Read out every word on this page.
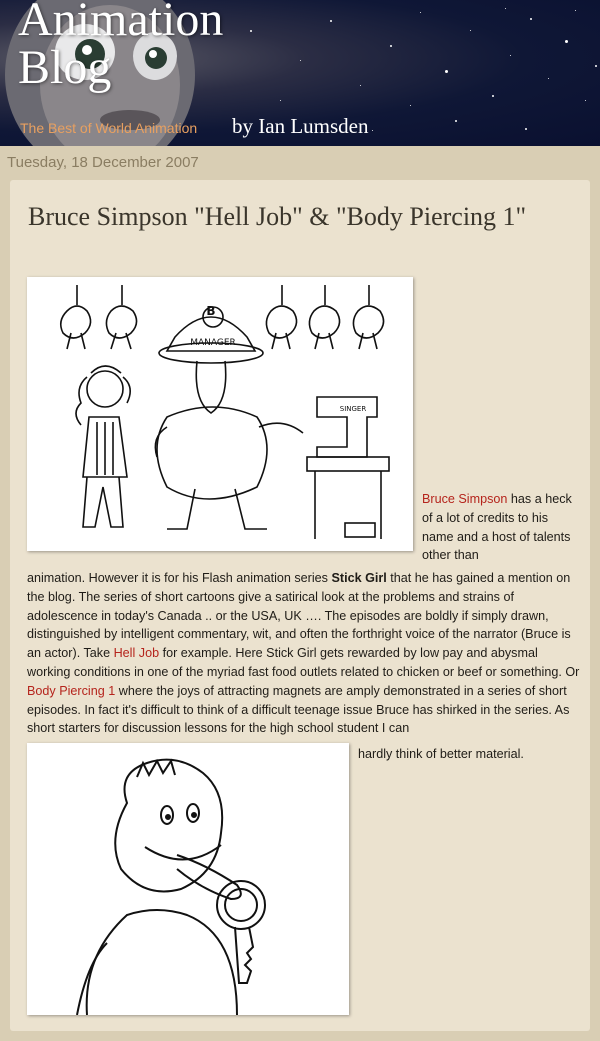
Animation
Blog
The Best of World Animation by Ian Lumsden
Tuesday, 18 December 2007
Bruce Simpson "Hell Job" & "Body Piercing 1"
B
MANAGER
SINGER
Bruce Simpson has a heck of a lot of credits to his name and a host of talents other than
animation. However it is for his Flash animation series Stick Girl that he has gained a mention on the blog. The series of short cartoons give a satirical look at the problems and strains of adolescence in today's Canada .. or the USA, UK …. The episodes are boldly if simply drawn, distinguished by intelligent commentary, wit, and often the forthright voice of the narrator (Bruce is an actor). Take Hell Job for example. Here Stick Girl gets rewarded by low pay and abysmal working conditions in one of the myriad fast food outlets related to chicken or beef or something. Or Body Piercing 1 where the joys of attracting magnets are amply demonstrated in a series of short episodes. In fact it's difficult to think of a difficult teenage issue Bruce has shirked in the series. As short starters for discussion lessons for the high school student I can
hardly think of better material.
